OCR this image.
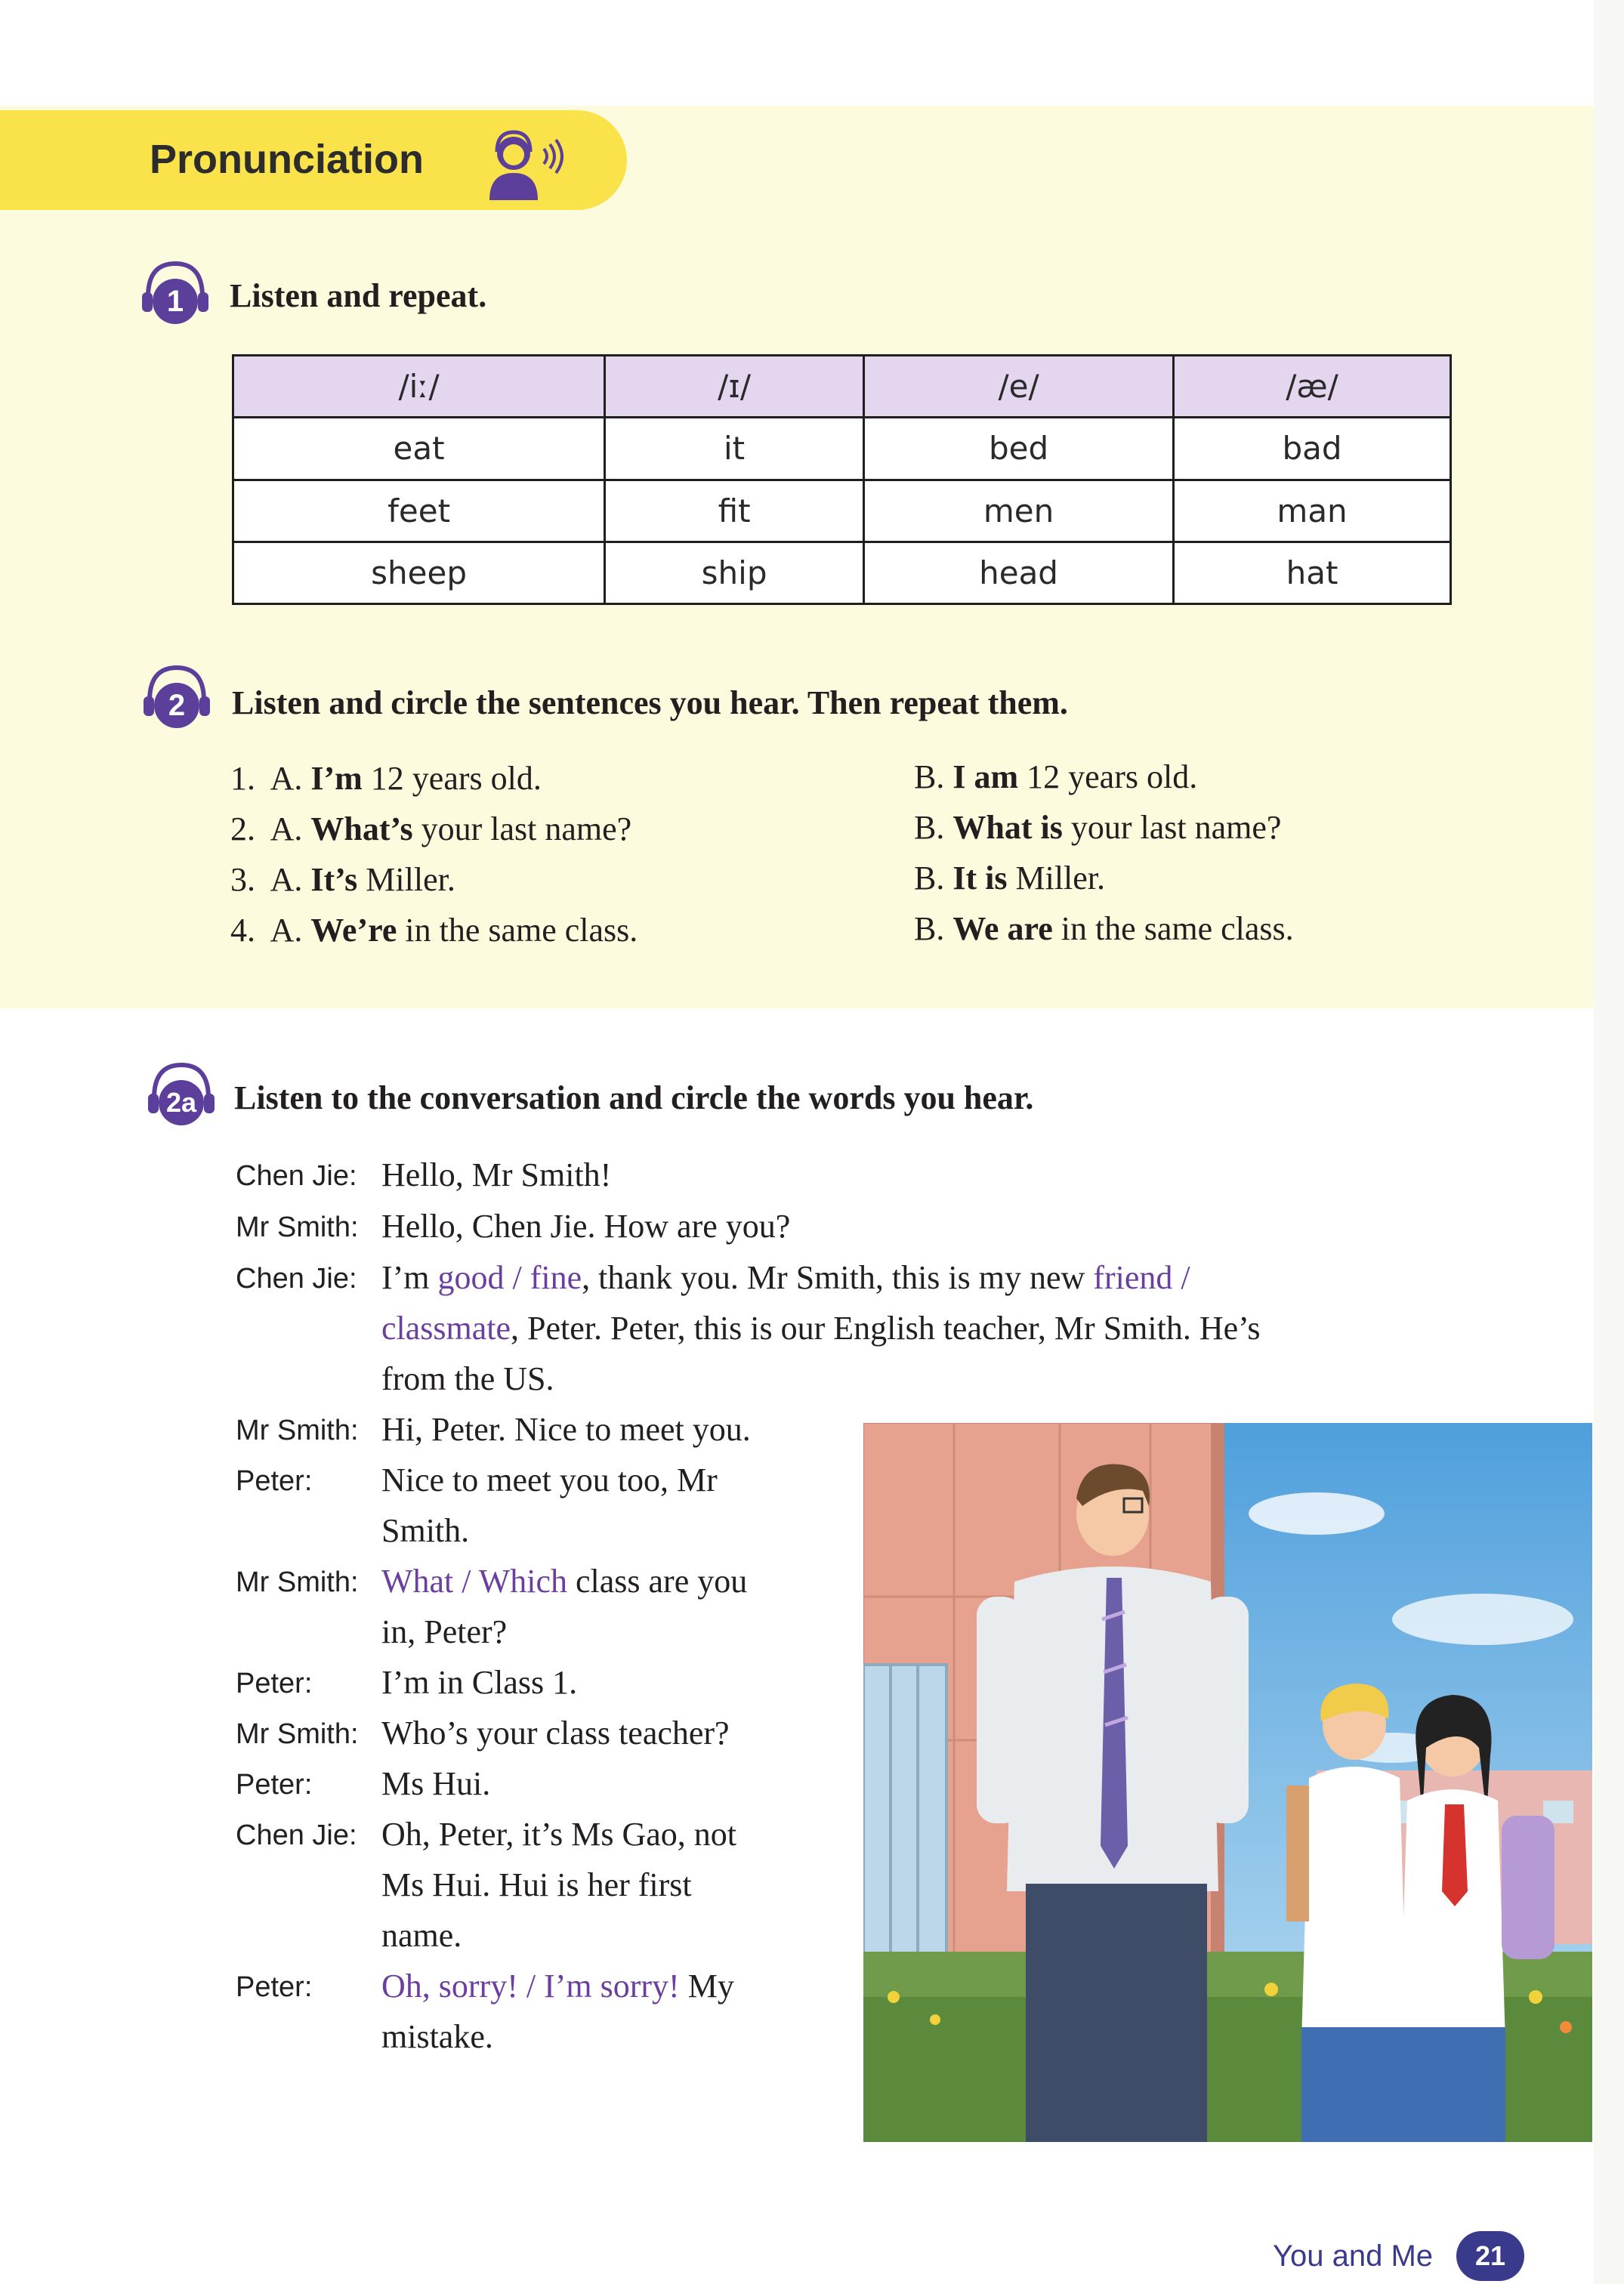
Pronunciation
1	Listen and repeat.
/iː/	/ɪ/	/e/	/æ/
eat	it	bed	bad
feet	fit	men	man
sheep	ship	head	hat
2	Listen and circle the sentences you hear. Then repeat them.
1. A. I’m 12 years old.
2. A. What’s your last name?
3. A. It’s Miller.
4. A. We’re in the same class.
B. I am 12 years old.
B. What is your last name?
B. It is Miller.
B. We are in the same class.
2a Listen to the conversation and circle the words you hear.
Chen Jie: Hello, Mr Smith!
Mr Smith: Hello, Chen Jie. How are you?
Chen Jie: I’m good / fine, thank you. Mr Smith, this is my new friend /
classmate, Peter. Peter, this is our English teacher, Mr Smith. He’s
from the US.
Mr Smith: Hi, Peter. Nice to meet you.
Peter: Nice to meet you too, Mr
Smith.
Mr Smith: What / Which class are you
in, Peter?
Peter: I’m in Class 1.
Mr Smith: Who’s your class teacher?
Peter: Ms Hui.
Chen Jie: Oh, Peter, it’s Ms Gao, not
Ms Hui. Hui is her first
name.
Peter: Oh, sorry! / I’m sorry! My
mistake.
You and Me	21
